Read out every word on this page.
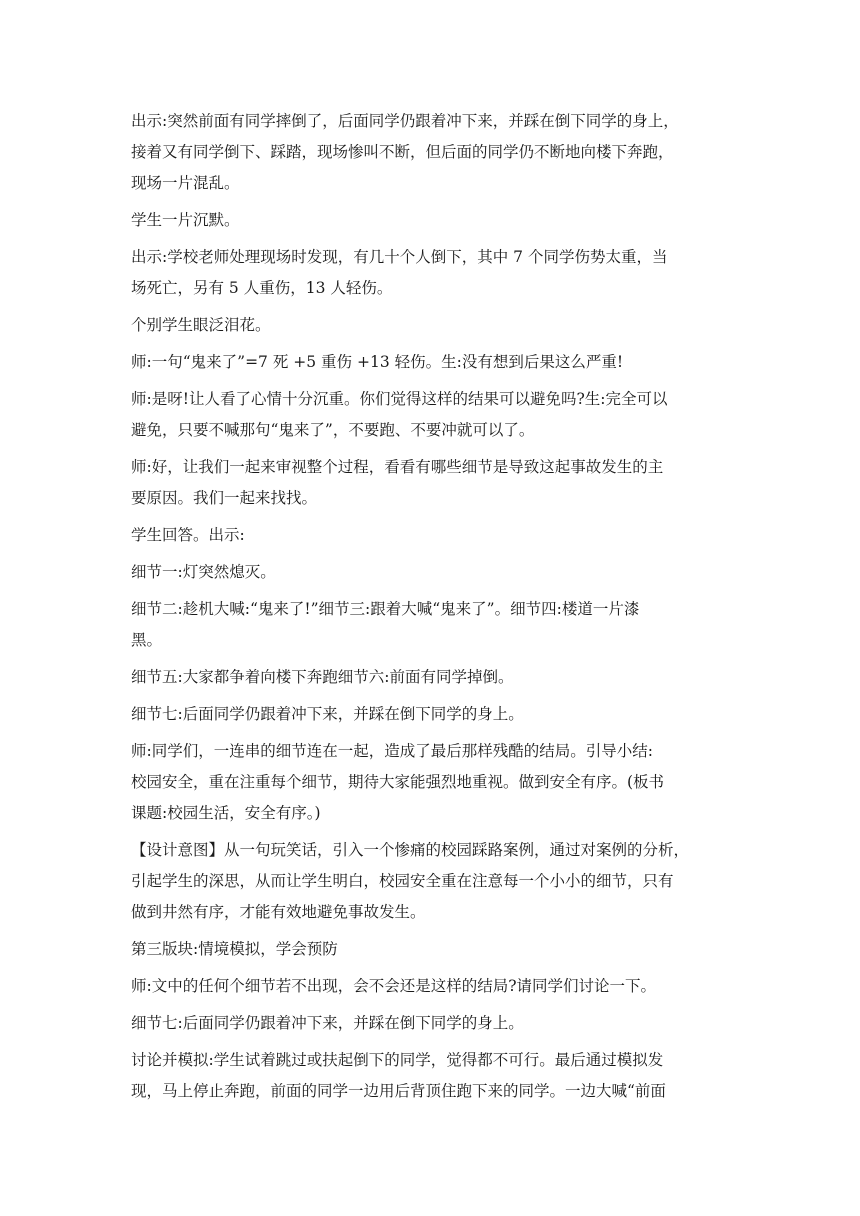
出示:突然前面有同学摔倒了，后面同学仍跟着冲下来，并踩在倒下同学的身上，
接着又有同学倒下、踩踏，现场惨叫不断，但后面的同学仍不断地向楼下奔跑，
现场一片混乱。
学生一片沉默。
出示:学校老师处理现场时发现，有几十个人倒下，其中 7 个同学伤势太重，当
场死亡，另有 5 人重伤，13 人轻伤。
个别学生眼泛泪花。
师:一句“鬼来了”=7 死 +5 重伤 +13 轻伤。生:没有想到后果这么严重!
师:是呀!让人看了心情十分沉重。你们觉得这样的结果可以避免吗?生:完全可以
避免，只要不喊那句“鬼来了”，不要跑、不要冲就可以了。
师:好，让我们一起来审视整个过程，看看有哪些细节是导致这起事故发生的主
要原因。我们一起来找找。
学生回答。出示:
细节一:灯突然熄灭。
细节二:趁机大喊:“鬼来了!”细节三:跟着大喊“鬼来了”。细节四:楼道一片漆
黑。
细节五:大家都争着向楼下奔跑细节六:前面有同学掉倒。
细节七:后面同学仍跟着冲下来，并踩在倒下同学的身上。
师:同学们，一连串的细节连在一起，造成了最后那样残酷的结局。引导小结:
校园安全，重在注重每个细节，期待大家能强烈地重视。做到安全有序。(板书
课题:校园生活，安全有序。)
【设计意图】从一句玩笑话，引入一个惨痛的校园踩路案例，通过对案例的分析，
引起学生的深思，从而让学生明白，校园安全重在注意每一个小小的细节，只有
做到井然有序，才能有效地避免事故发生。
第三版块:情境模拟，学会预防
师:文中的任何个细节若不出现，会不会还是这样的结局?请同学们讨论一下。
细节七:后面同学仍跟着冲下来，并踩在倒下同学的身上。
讨论并模拟:学生试着跳过或扶起倒下的同学，觉得都不可行。最后通过模拟发
现，马上停止奔跑，前面的同学一边用后背顶住跑下来的同学。一边大喊“前面
